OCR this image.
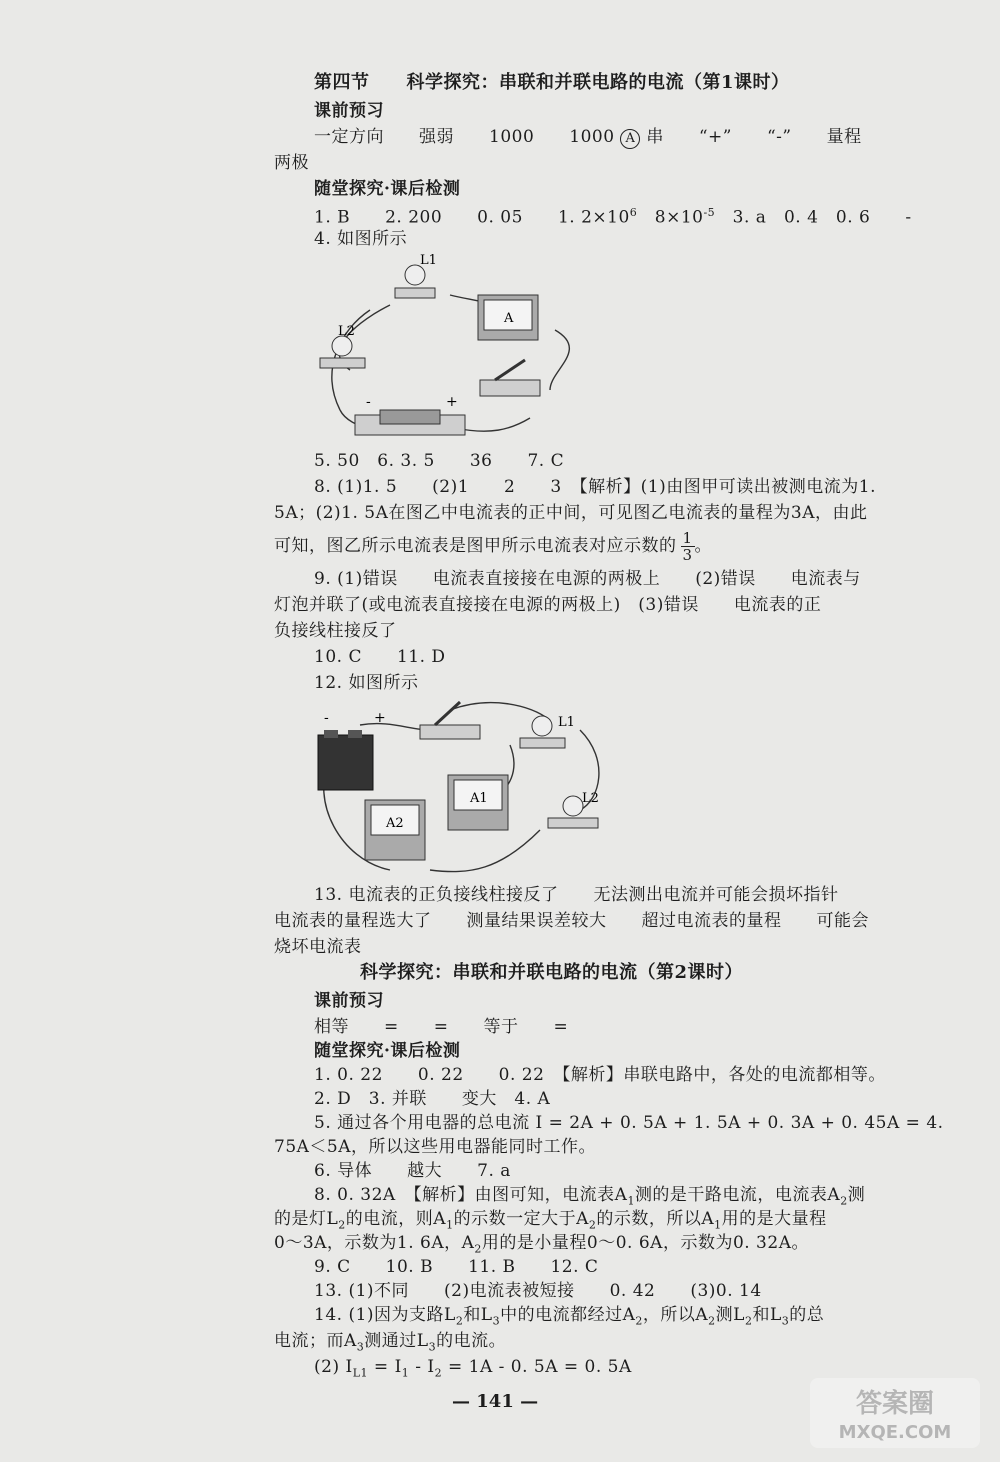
第四节　　科学探究：串联和并联电路的电流（第1课时）
课前预习
一定方向　　强弱　　1000　　1000 A 串　　“+”　　“-”　　量程
两极
随堂探究·课后检测
1. B　　2. 200　　0. 05　　1. $2\times 10^6$　$8\times 10^{-5}$　3. a　0. 4　0. 6　　-
4. 如图所示
L1
L2
A
-	+
5. 50　6. 3. 5　　36　　7. C
8. (1)1. 5　　(2)1　　2　　3　【解析】(1)由图甲可读出被测电流为1.
5A；(2)1. 5A在图乙中电流表的正中间，可见图乙电流表的量程为3A，由此
可知，图乙所示电流表是图甲所示电流表对应示数的 $\frac{1}{3}$ 。
9. (1)错误　　电流表直接接在电源的两极上　　(2)错误　　电流表与
灯泡并联了(或电流表直接接在电源的两极上)　(3)错误　　电流表的正
负接线柱接反了
10. C　　11. D
12. 如图所示
-	+	L1
L2
A1
A2
13. 电流表的正负接线柱接反了　　无法测出电流并可能会损坏指针
电流表的量程选大了　　测量结果误差较大　　超过电流表的量程　　可能会
烧坏电流表
科学探究：串联和并联电路的电流（第2课时）
课前预习
相等　　=　　=　　等于　　=
随堂探究·课后检测
1. 0. 22　　0. 22　　0. 22　【解析】串联电路中，各处的电流都相等。
2. D　3. 并联　　变大　4. A
5. 通过各个用电器的总电流 I = 2A + 0. 5A + 1. 5A + 0. 3A + 0. 45A = 4.
75A＜5A，所以这些用电器能同时工作。
6. 导体　　越大　　7. a
8. 0. 32A　【解析】由图可知，电流表$A_1$测的是干路电流，电流表$A_2$测
的是灯$L_2$的电流，则$A_1$的示数一定大于$A_2$的示数，所以$A_1$用的是大量程
0～3A，示数为1. 6A，$A_2$用的是小量程0～0. 6A，示数为0. 32A。
9. C　　10. B　　11. B　　12. C
13. (1)不同　　(2)电流表被短接　　0. 42　　(3)0. 14
14. (1)因为支路$L_2$和$L_3$中的电流都经过$A_2$，所以$A_2$测$L_2$和$L_3$的总
电流；而$A_3$测通过$L_3$的电流。
(2) $I_{L1} = I_1 - I_2 = 1A - 0$. 5A = 0. 5A
— 141 —	答案圈
MXQE.COM
